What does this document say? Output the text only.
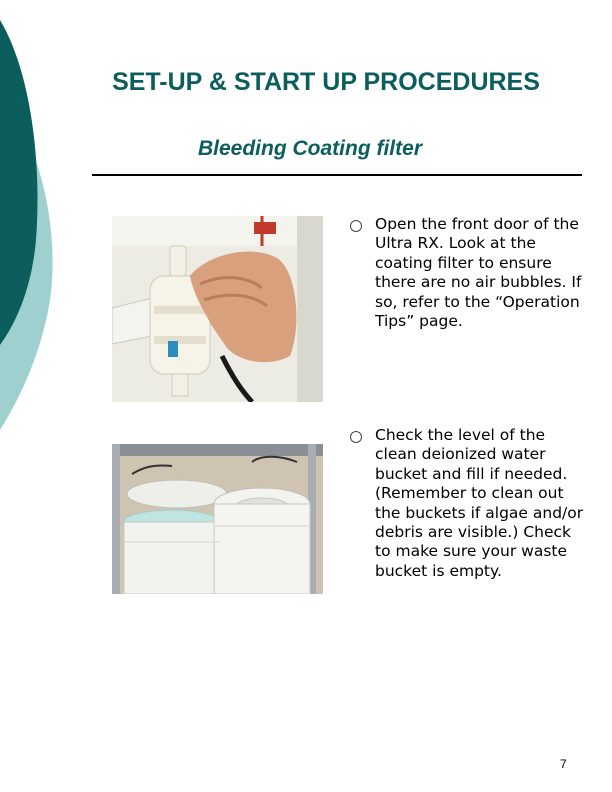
SET-UP & START UP PROCEDURES
Bleeding Coating filter

Open the front door of the Ultra RX. Look at the coating filter to ensure there are no air bubbles. If so, refer to the “Operation Tips” page.

Check the level of the clean deionized water bucket and fill if needed. (Remember to clean out the buckets if algae and/or debris are visible.) Check to make sure your waste bucket is empty.

7
